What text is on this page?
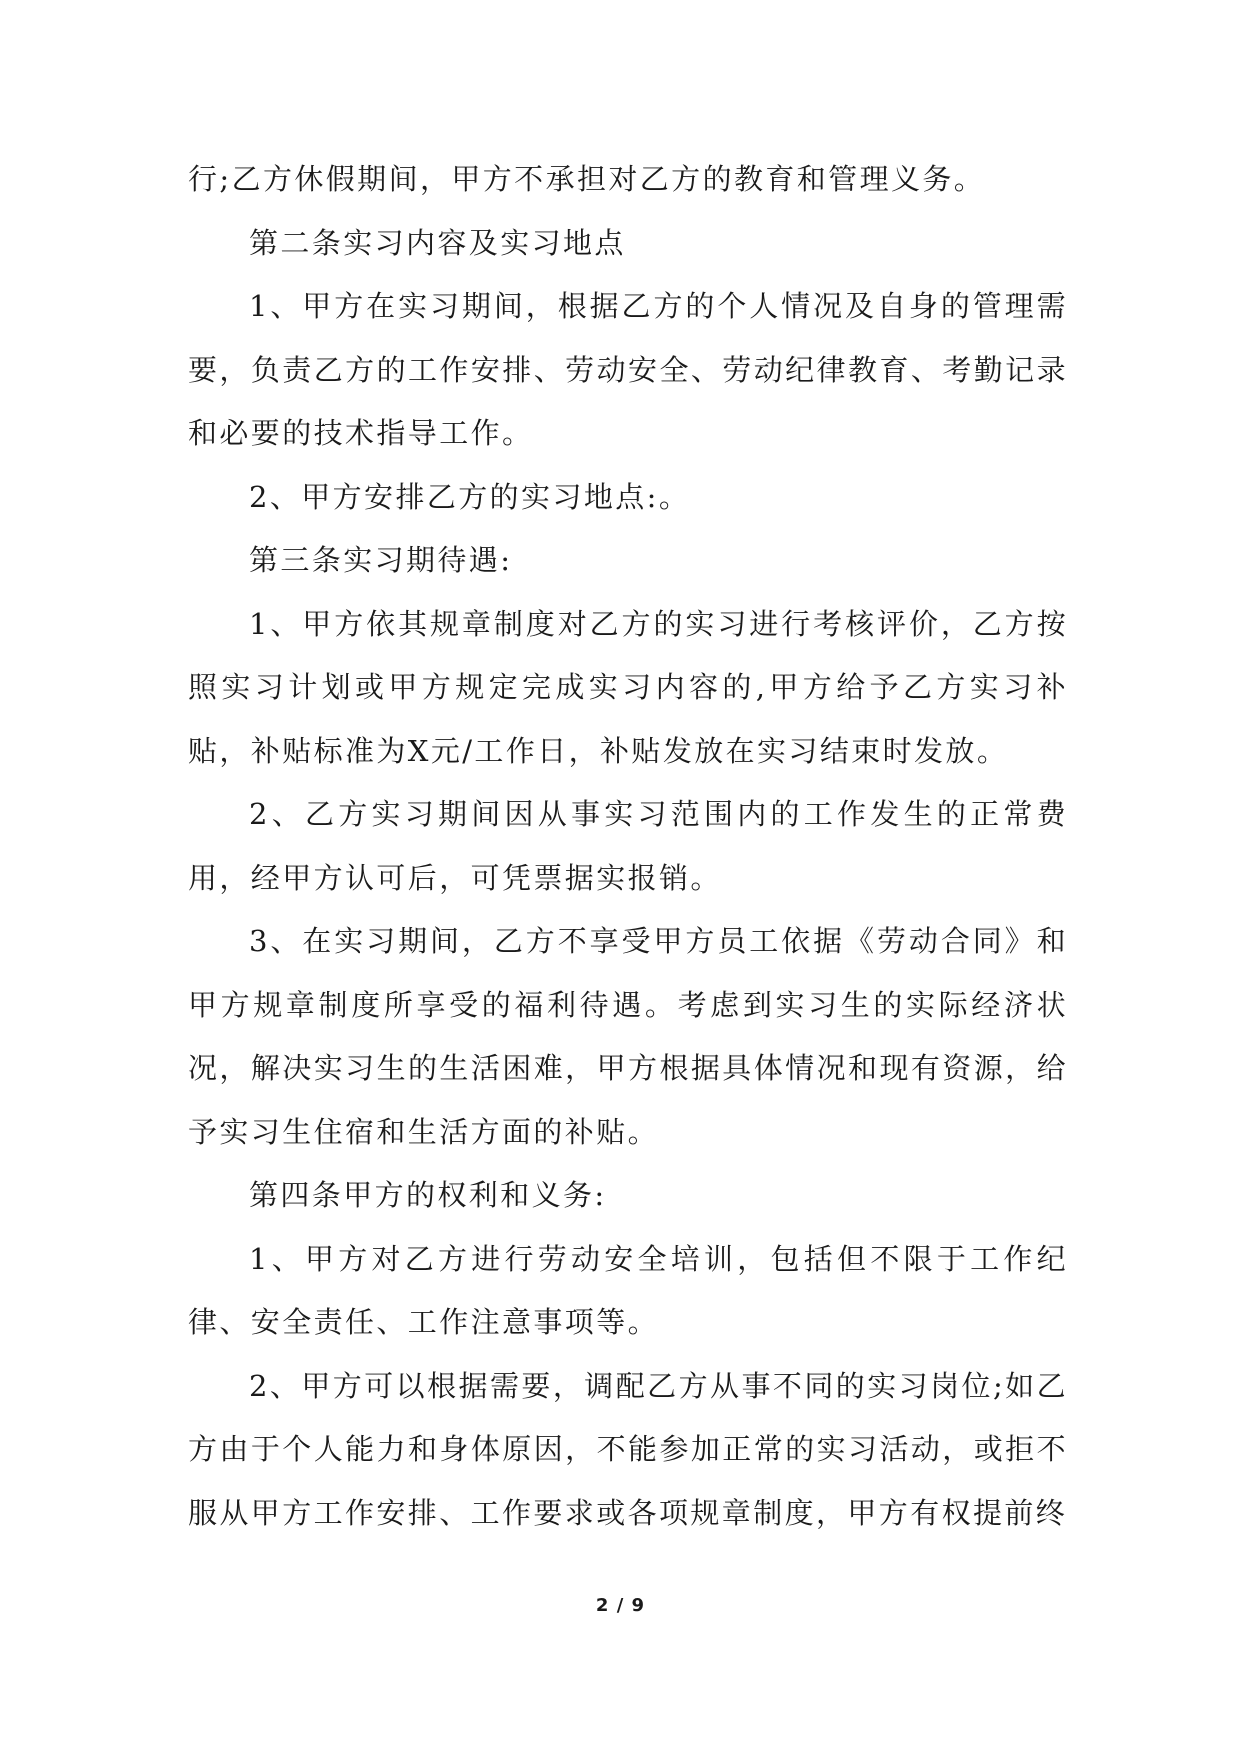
行;乙方休假期间，甲方不承担对乙方的教育和管理义务。

第二条实习内容及实习地点

1、甲方在实习期间，根据乙方的个人情况及自身的管理需要，负责乙方的工作安排、劳动安全、劳动纪律教育、考勤记录和必要的技术指导工作。

2、甲方安排乙方的实习地点:。

第三条实习期待遇:

1、甲方依其规章制度对乙方的实习进行考核评价，乙方按照实习计划或甲方规定完成实习内容的,甲方给予乙方实习补贴，补贴标准为X元/工作日，补贴发放在实习结束时发放。

2、乙方实习期间因从事实习范围内的工作发生的正常费用，经甲方认可后，可凭票据实报销。

3、在实习期间，乙方不享受甲方员工依据《劳动合同》和甲方规章制度所享受的福利待遇。考虑到实习生的实际经济状况，解决实习生的生活困难，甲方根据具体情况和现有资源，给予实习生住宿和生活方面的补贴。

第四条甲方的权利和义务:

1、甲方对乙方进行劳动安全培训，包括但不限于工作纪律、安全责任、工作注意事项等。

2、甲方可以根据需要，调配乙方从事不同的实习岗位;如乙方由于个人能力和身体原因，不能参加正常的实习活动，或拒不服从甲方工作安排、工作要求或各项规章制度，甲方有权提前终

2 / 9
